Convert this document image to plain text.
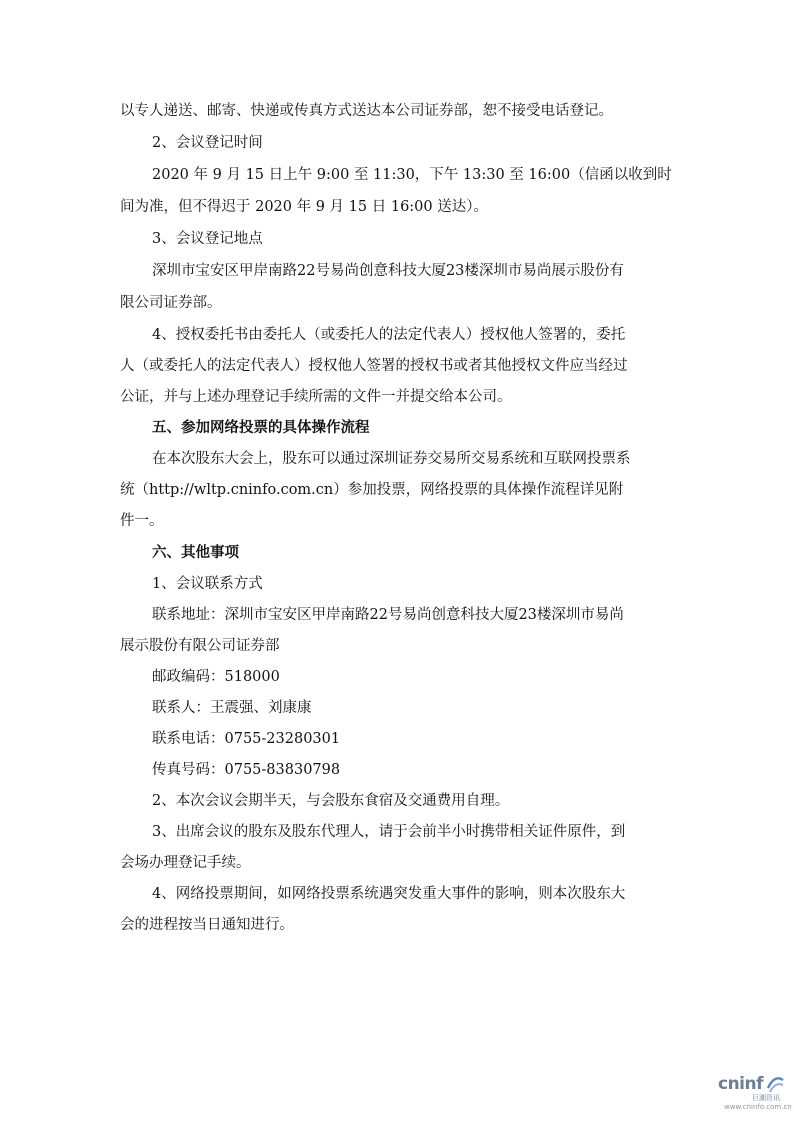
以专人递送、邮寄、快递或传真方式送达本公司证券部，恕不接受电话登记。

2、会议登记时间

2020 年 9 月 15 日上午 9:00 至 11:30，下午 13:30 至 16:00（信函以收到时

间为准，但不得迟于 2020 年 9 月 15 日 16:00 送达）。

3、会议登记地点

深圳市宝安区甲岸南路22号易尚创意科技大厦23楼深圳市易尚展示股份有

限公司证券部。

4、授权委托书由委托人（或委托人的法定代表人）授权他人签署的，委托

人（或委托人的法定代表人）授权他人签署的授权书或者其他授权文件应当经过

公证，并与上述办理登记手续所需的文件一并提交给本公司。

五、参加网络投票的具体操作流程

在本次股东大会上，股东可以通过深圳证券交易所交易系统和互联网投票系

统（http://wltp.cninfo.com.cn）参加投票，网络投票的具体操作流程详见附

件一。

六、其他事项

1、会议联系方式

联系地址：深圳市宝安区甲岸南路22号易尚创意科技大厦23楼深圳市易尚

展示股份有限公司证券部

邮政编码：518000

联系人：王震强、刘康康

联系电话：0755-23280301

传真号码：0755-83830798

2、本次会议会期半天，与会股东食宿及交通费用自理。

3、出席会议的股东及股东代理人，请于会前半小时携带相关证件原件，到

会场办理登记手续。

4、网络投票期间，如网络投票系统遇突发重大事件的影响，则本次股东大

会的进程按当日通知进行。

cninf
巨潮资讯
www.cninfo.com.cn
